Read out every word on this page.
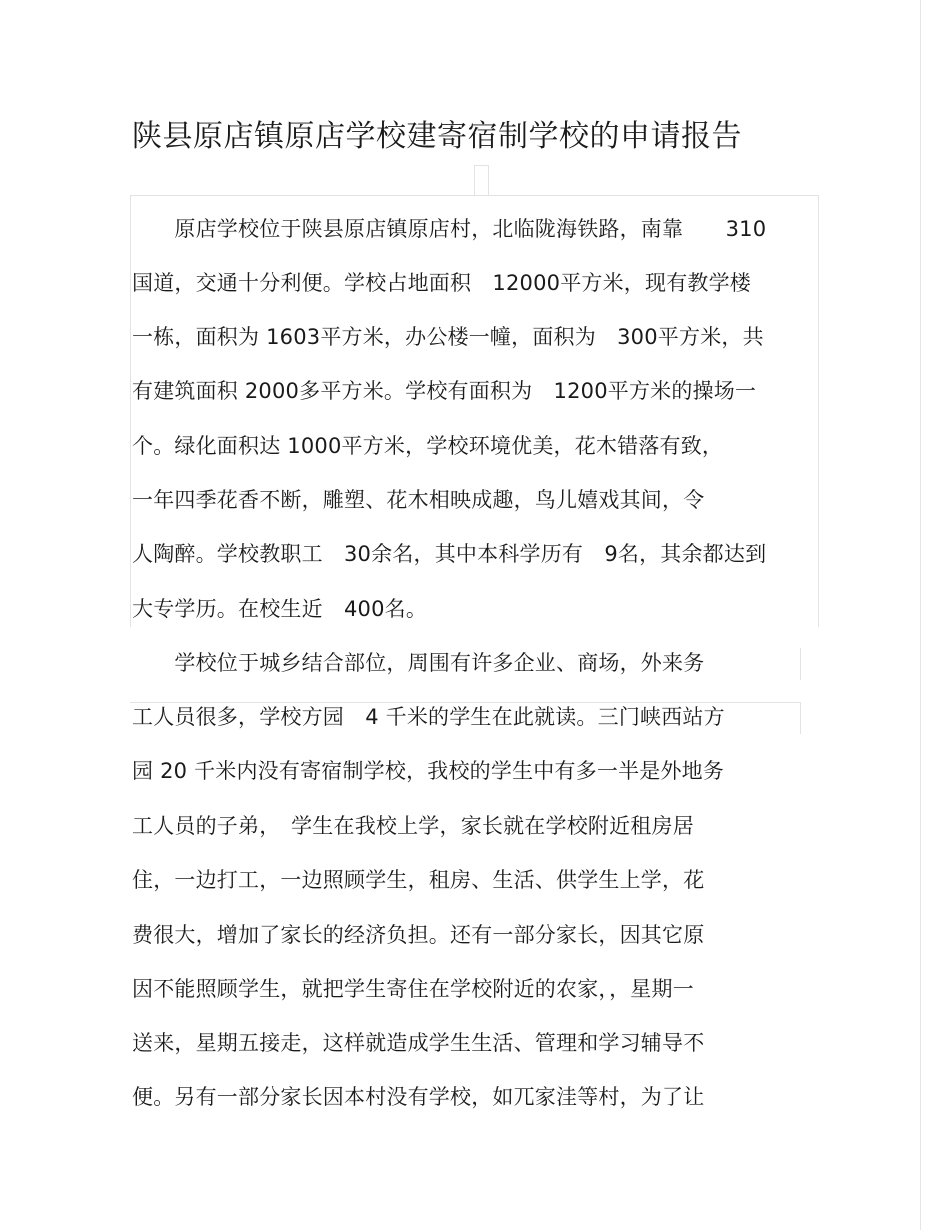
陕县原店镇原店学校建寄宿制学校的申请报告
　　原店学校位于陕县原店镇原店村，北临陇海铁路，南靠　　310
国道，交通十分利便。学校占地面积　12000平方米，现有教学楼
一栋，面积为 1603平方米，办公楼一幢，面积为　300平方米，共
有建筑面积 2000多平方米。学校有面积为　1200平方米的操场一
个。绿化面积达 1000平方米，学校环境优美，花木错落有致，
一年四季花香不断，雕塑、花木相映成趣，鸟儿嬉戏其间，令
人陶醉。学校教职工　30余名，其中本科学历有　9名，其余都达到
大专学历。在校生近　400名。
　　学校位于城乡结合部位，周围有许多企业、商场，外来务
工人员很多，学校方园　4 千米的学生在此就读。三门峡西站方
园 20 千米内没有寄宿制学校，我校的学生中有多一半是外地务
工人员的子弟，　学生在我校上学，家长就在学校附近租房居
住，一边打工，一边照顾学生，租房、生活、供学生上学，花
费很大，增加了家长的经济负担。还有一部分家长，因其它原
因不能照顾学生，就把学生寄住在学校附近的农家，，星期一
送来，星期五接走，这样就造成学生生活、管理和学习辅导不
便。另有一部分家长因本村没有学校，如兀家洼等村，为了让
